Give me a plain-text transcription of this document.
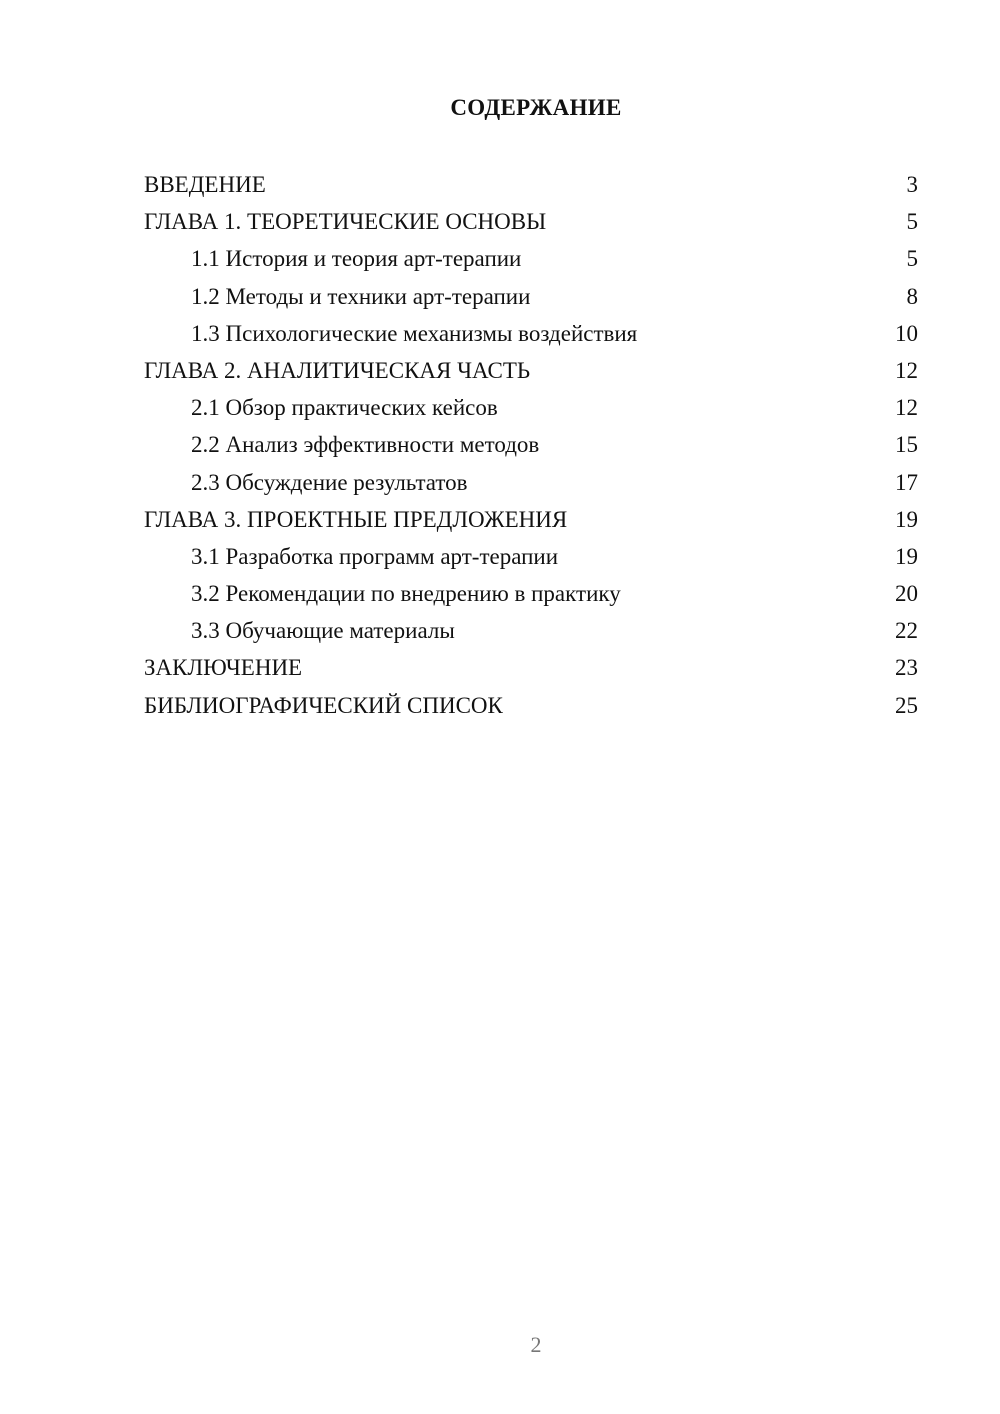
СОДЕРЖАНИЕ
ВВЕДЕНИЕ	3
ГЛАВА 1. ТЕОРЕТИЧЕСКИЕ ОСНОВЫ	5
1.1 История и теория арт-терапии	5
1.2 Методы и техники арт-терапии	8
1.3 Психологические механизмы воздействия	10
ГЛАВА 2. АНАЛИТИЧЕСКАЯ ЧАСТЬ	12
2.1 Обзор практических кейсов	12
2.2 Анализ эффективности методов	15
2.3 Обсуждение результатов	17
ГЛАВА 3. ПРОЕКТНЫЕ ПРЕДЛОЖЕНИЯ	19
3.1 Разработка программ арт-терапии	19
3.2 Рекомендации по внедрению в практику	20
3.3 Обучающие материалы	22
ЗАКЛЮЧЕНИЕ	23
БИБЛИОГРАФИЧЕСКИЙ СПИСОК	25
2
